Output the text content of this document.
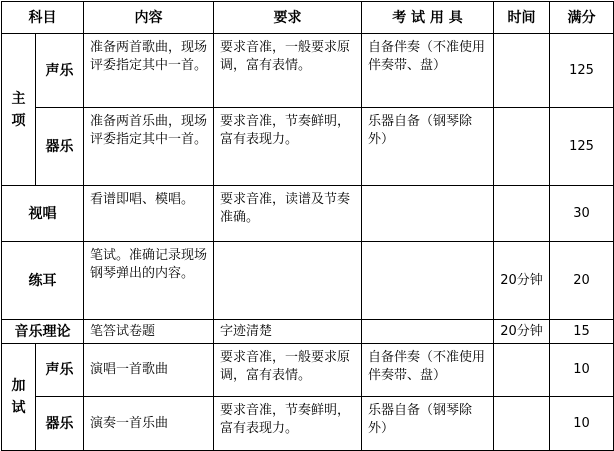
科目		内容	要求	考 试 用 具	时间	满分
主项	声乐	准备两首歌曲，现场评委指定其中一首。	要求音准，一般要求原调，富有表情。	自备伴奏（不准使用伴奏带、盘）		125
	器乐	准备两首乐曲，现场评委指定其中一首。	要求音准，节奏鲜明，富有表现力。	乐器自备（钢琴除外）		125
视唱		看谱即唱、模唱。	要求音准，读谱及节奏准确。			30
练耳		笔试。准确记录现场钢琴弹出的内容。			20分钟	20
音乐理论		笔答试卷题	字迹清楚		20分钟	15
加试	声乐	演唱一首歌曲	要求音准，一般要求原调，富有表情。	自备伴奏（不准使用伴奏带、盘）		10
	器乐	演奏一首乐曲	要求音准，节奏鲜明，富有表现力。	乐器自备（钢琴除外）		10
